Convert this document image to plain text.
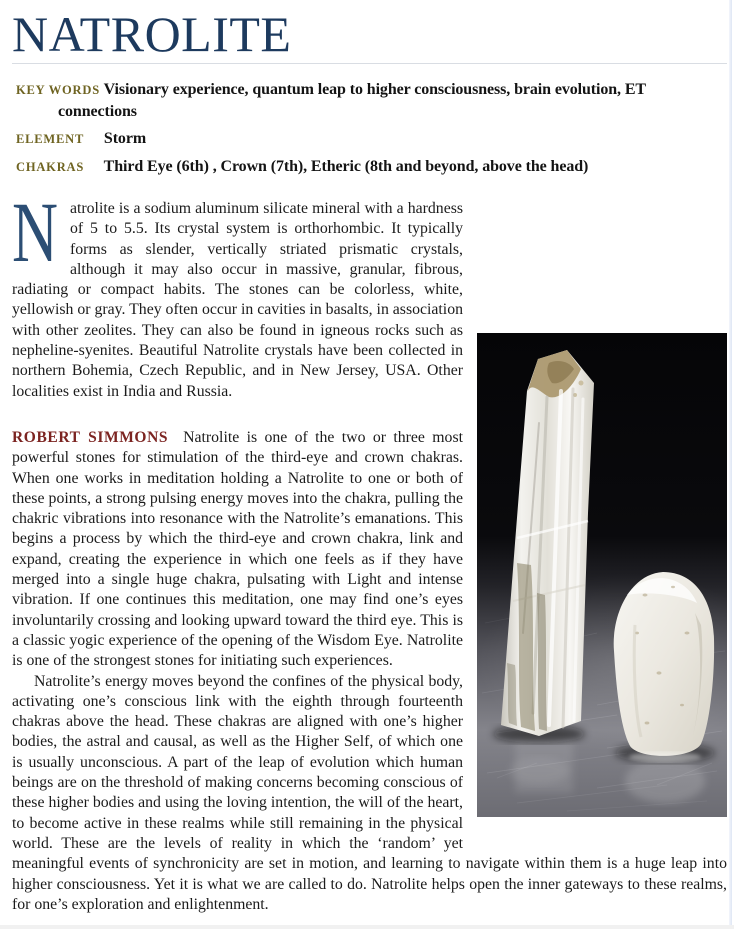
NATROLITE

KEY WORDS Visionary experience, quantum leap to higher consciousness, brain evolution, ET connections

ELEMENT Storm

CHAKRAS Third Eye (6th) , Crown (7th), Etheric (8th and beyond, above the head)

Natrolite is a sodium aluminum silicate mineral with a hardness of 5 to 5.5. Its crystal system is orthorhombic. It typically forms as slender, vertically striated prismatic crystals, although it may also occur in massive, granular, fibrous, radiating or compact habits. The stones can be colorless, white, yellowish or gray. They often occur in cavities in basalts, in association with other zeolites. They can also be found in igneous rocks such as nepheline-syenites. Beautiful Natrolite crystals have been collected in northern Bohemia, Czech Republic, and in New Jersey, USA. Other localities exist in India and Russia.

ROBERT SIMMONS Natrolite is one of the two or three most powerful stones for stimulation of the third-eye and crown chakras. When one works in meditation holding a Natrolite to one or both of these points, a strong pulsing energy moves into the chakra, pulling the chakric vibrations into resonance with the Natrolite’s emanations. This begins a process by which the third-eye and crown chakra, link and expand, creating the experience in which one feels as if they have merged into a single huge chakra, pulsating with Light and intense vibration. If one continues this meditation, one may find one’s eyes involuntarily crossing and looking upward toward the third eye. This is a classic yogic experience of the opening of the Wisdom Eye. Natrolite is one of the strongest stones for initiating such experiences.

Natrolite’s energy moves beyond the confines of the physical body, activating one’s conscious link with the eighth through fourteenth chakras above the head. These chakras are aligned with one’s higher bodies, the astral and causal, as well as the Higher Self, of which one is usually unconscious. A part of the leap of evolution which human beings are on the threshold of making concerns becoming conscious of these higher bodies and using the loving intention, the will of the heart, to become active in these realms while still remaining in the physical world. These are the levels of reality in which the ‘random’ yet meaningful events of synchronicity are set in motion, and learning to navigate within them is a huge leap into higher consciousness. Yet it is what we are called to do. Natrolite helps open the inner gateways to these realms, for one’s exploration and enlightenment.
